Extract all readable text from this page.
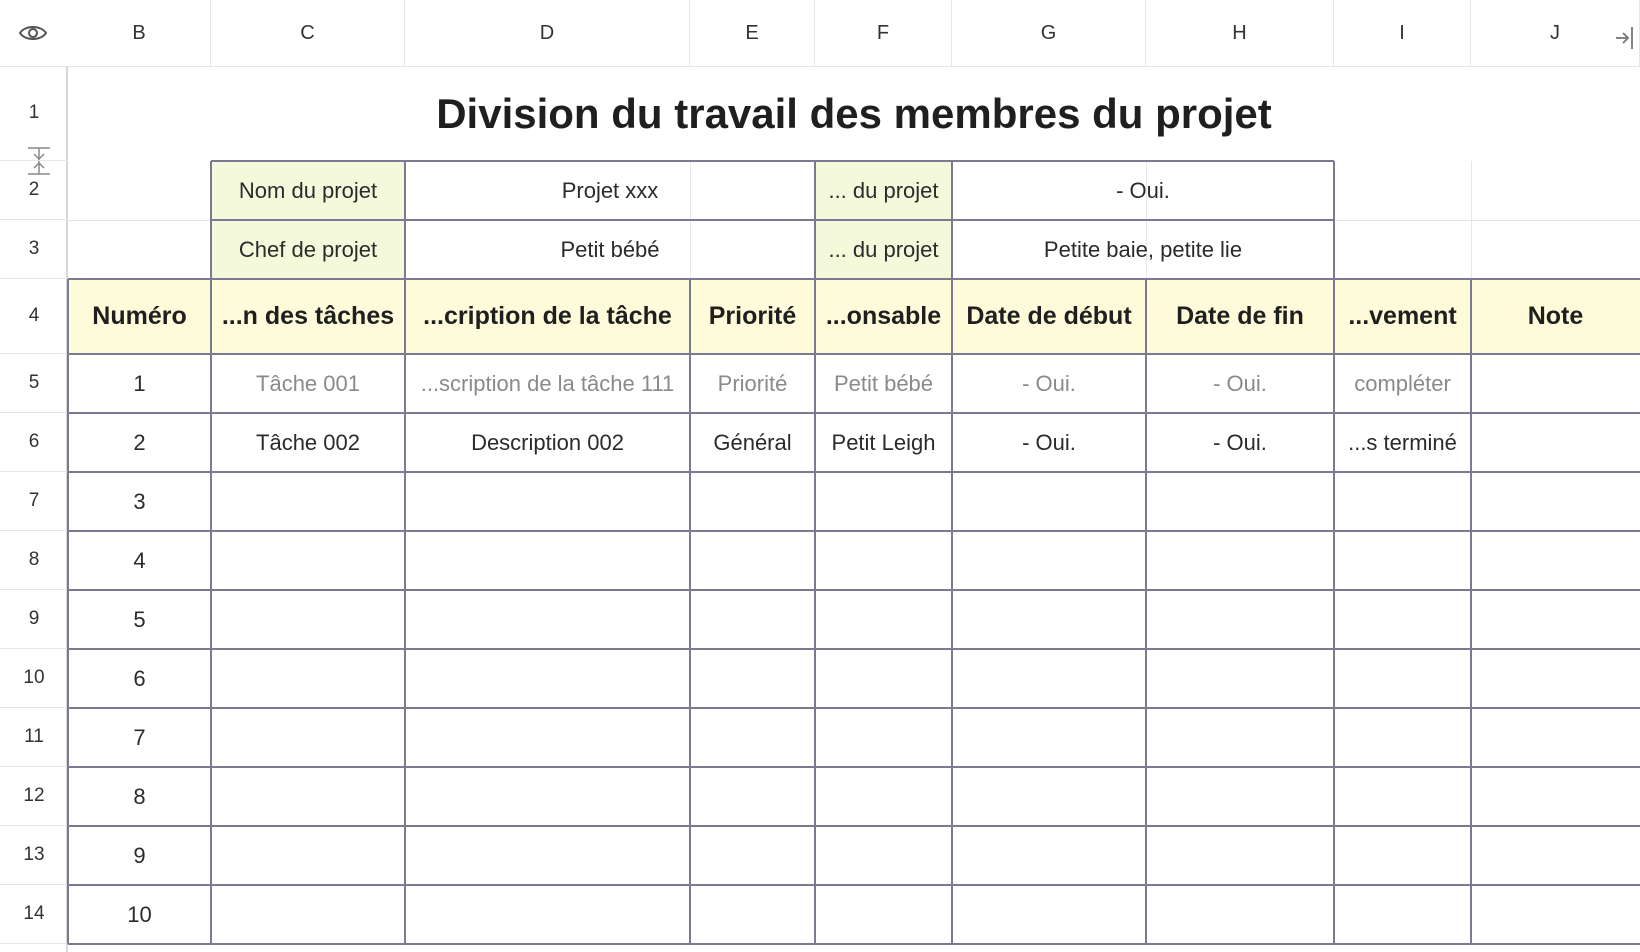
B	C	D	E	F	G	H	I	J
1
2
3
4
5
6
7
8
9
10
11
12
13
14
Division du travail des membres du projet
Nom du projet	Projet xxx	... du projet	- Oui.
Chef de projet	Petit bébé	... du projet	Petite baie, petite lie
Numéro	...n des tâches	...cription de la tâche	Priorité	...onsable	Date de début	Date de fin	...vement	Note
1	Tâche 001	...scription de la tâche 111	Priorité	Petit bébé	- Oui.	- Oui.	compléter
2	Tâche 002	Description 002	Général	Petit Leigh	- Oui.	- Oui.	...s terminé
3
4
5
6
7
8
9
10
